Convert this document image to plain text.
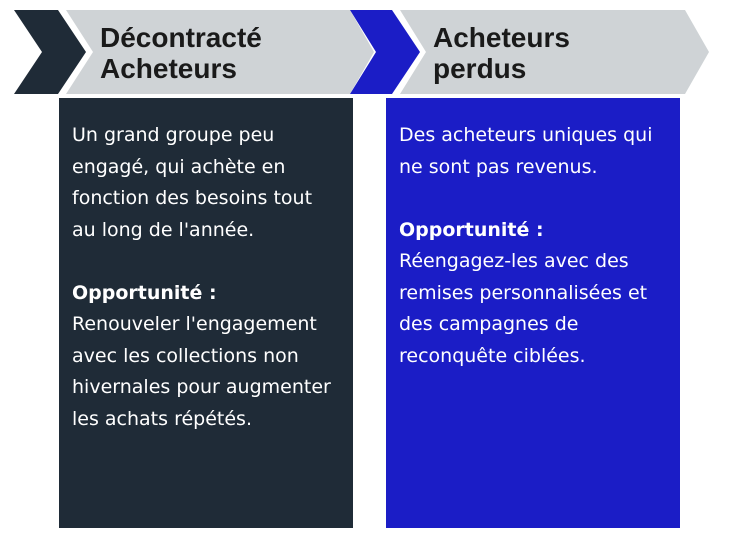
Décontracté
Acheteurs
Acheteurs
perdus

Un grand groupe peu engagé, qui achète en fonction des besoins tout au long de l'année.

Opportunité :
Renouveler l'engagement avec les collections non hivernales pour augmenter les achats répétés.

Des acheteurs uniques qui ne sont pas revenus.

Opportunité :
Réengagez-les avec des remises personnalisées et des campagnes de reconquête ciblées.
